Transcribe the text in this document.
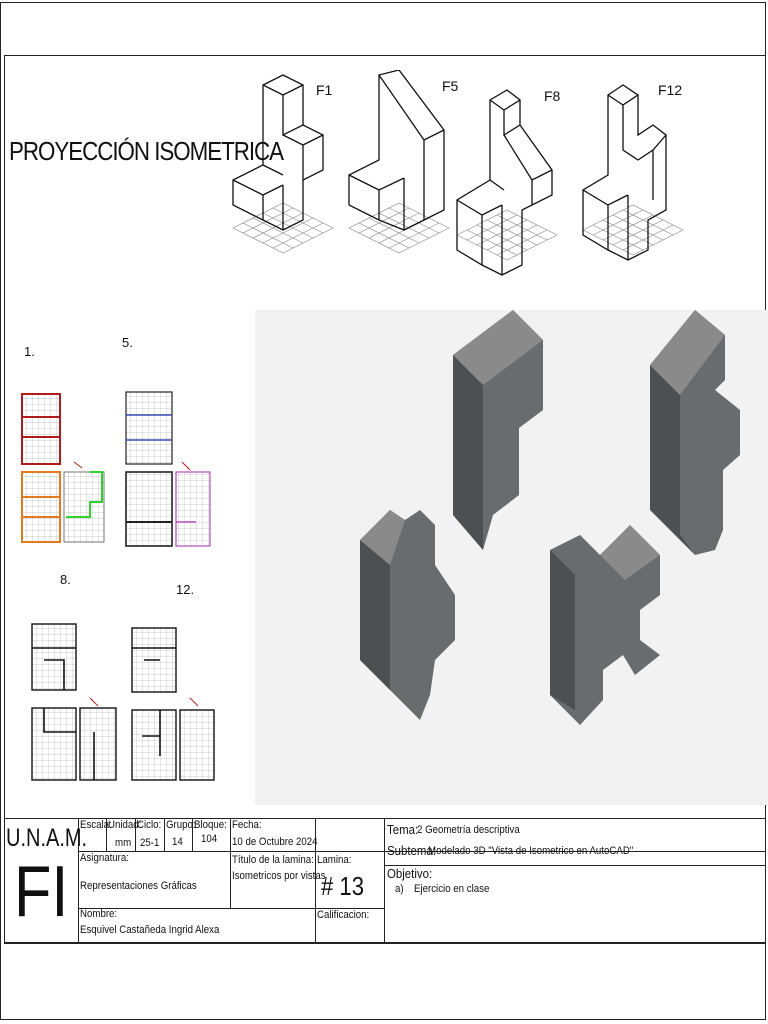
PROYECCIÓN ISOMETRICA
F1	F5
F8	F12
1.
5.
8.
12.
U.N.A.M.
FI
Escala:
Unidad:
mm
Ciclo:
25-1
Grupo:
14
Bloque:
104
Fecha:
10 de Octubre 2024
Asignatura:
Representaciones Gráficas
Título de la lamina:
Isometricos por vistas
Lamina:
# 13
Nombre:
Esquivel Castañeda Ingrid Alexa
Calificacion:
Tema:
2 Geometría descriptiva
Subtema:
Modelado 3D "Vista de Isometrico en AutoCAD"
Objetivo:
a) Ejercicio en clase
